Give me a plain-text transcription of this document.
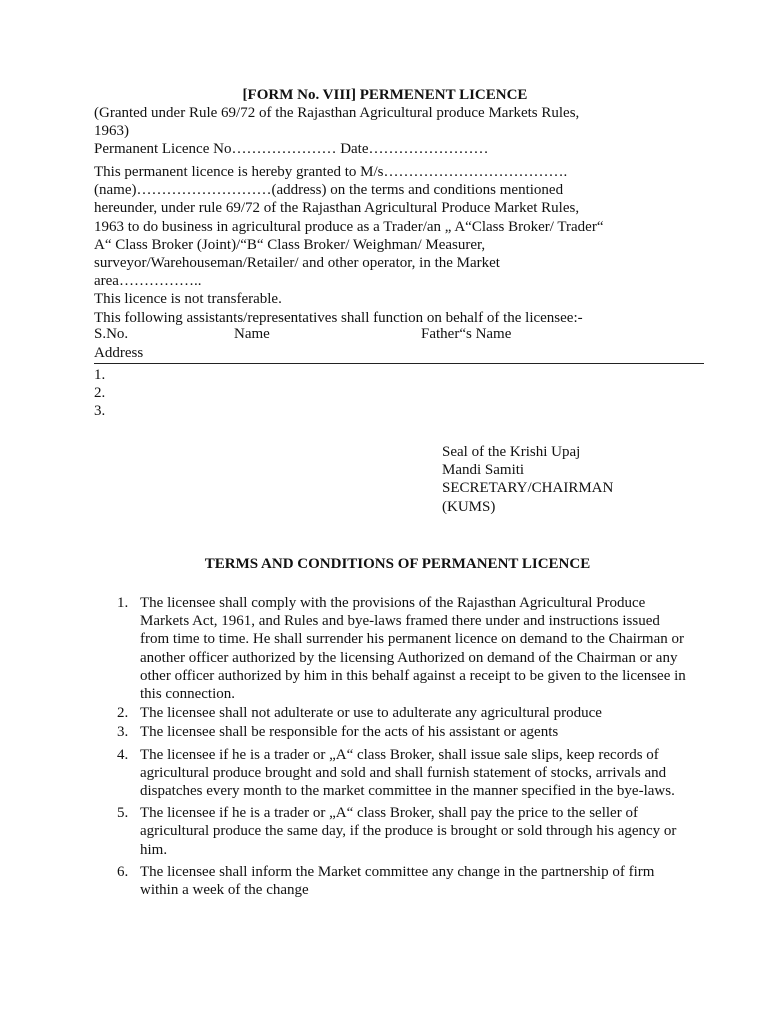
[FORM No. VIII] PERMENENT LICENCE

(Granted under Rule 69/72 of the Rajasthan Agricultural produce Markets Rules,

1963)

Permanent Licence No………………… Date……………………

This permanent licence is hereby granted to M/s……………………………….

(name)………………………(address) on the terms and conditions mentioned

hereunder, under rule 69/72 of the Rajasthan Agricultural Produce Market Rules,

1963 to do business in agricultural produce as a Trader/an „ A“Class Broker/ Trader“

A“ Class Broker (Joint)/“B“ Class Broker/ Weighman/ Measurer,

surveyor/Warehouseman/Retailer/ and other operator, in the Market

area……………..

This licence is not transferable.

This following assistants/representatives shall function on behalf of the licensee:-

S.No.	Name	Father“s Name
Address
1.
2.
3.
Seal of the Krishi Upaj
Mandi Samiti
SECRETARY/CHAIRMAN
(KUMS)
TERMS AND CONDITIONS OF PERMANENT LICENCE
1. The licensee shall comply with the provisions of the Rajasthan Agricultural Produce Markets Act, 1961, and Rules and bye-laws framed there under and instructions issued from time to time. He shall surrender his permanent licence on demand to the Chairman or another officer authorized by the licensing Authorized on demand of the Chairman or any other officer authorized by him in this behalf against a receipt to be given to the licensee in this connection.
2. The licensee shall not adulterate or use to adulterate any agricultural produce
3. The licensee shall be responsible for the acts of his assistant or agents
4. The licensee if he is a trader or „A“ class Broker, shall issue sale slips, keep records of agricultural produce brought and sold and shall furnish statement of stocks, arrivals and dispatches every month to the market committee in the manner specified in the bye-laws.
5. The licensee if he is a trader or „A“ class Broker, shall pay the price to the seller of agricultural produce the same day, if the produce is brought or sold through his agency or him.
6. The licensee shall inform the Market committee any change in the partnership of firm within a week of the change
